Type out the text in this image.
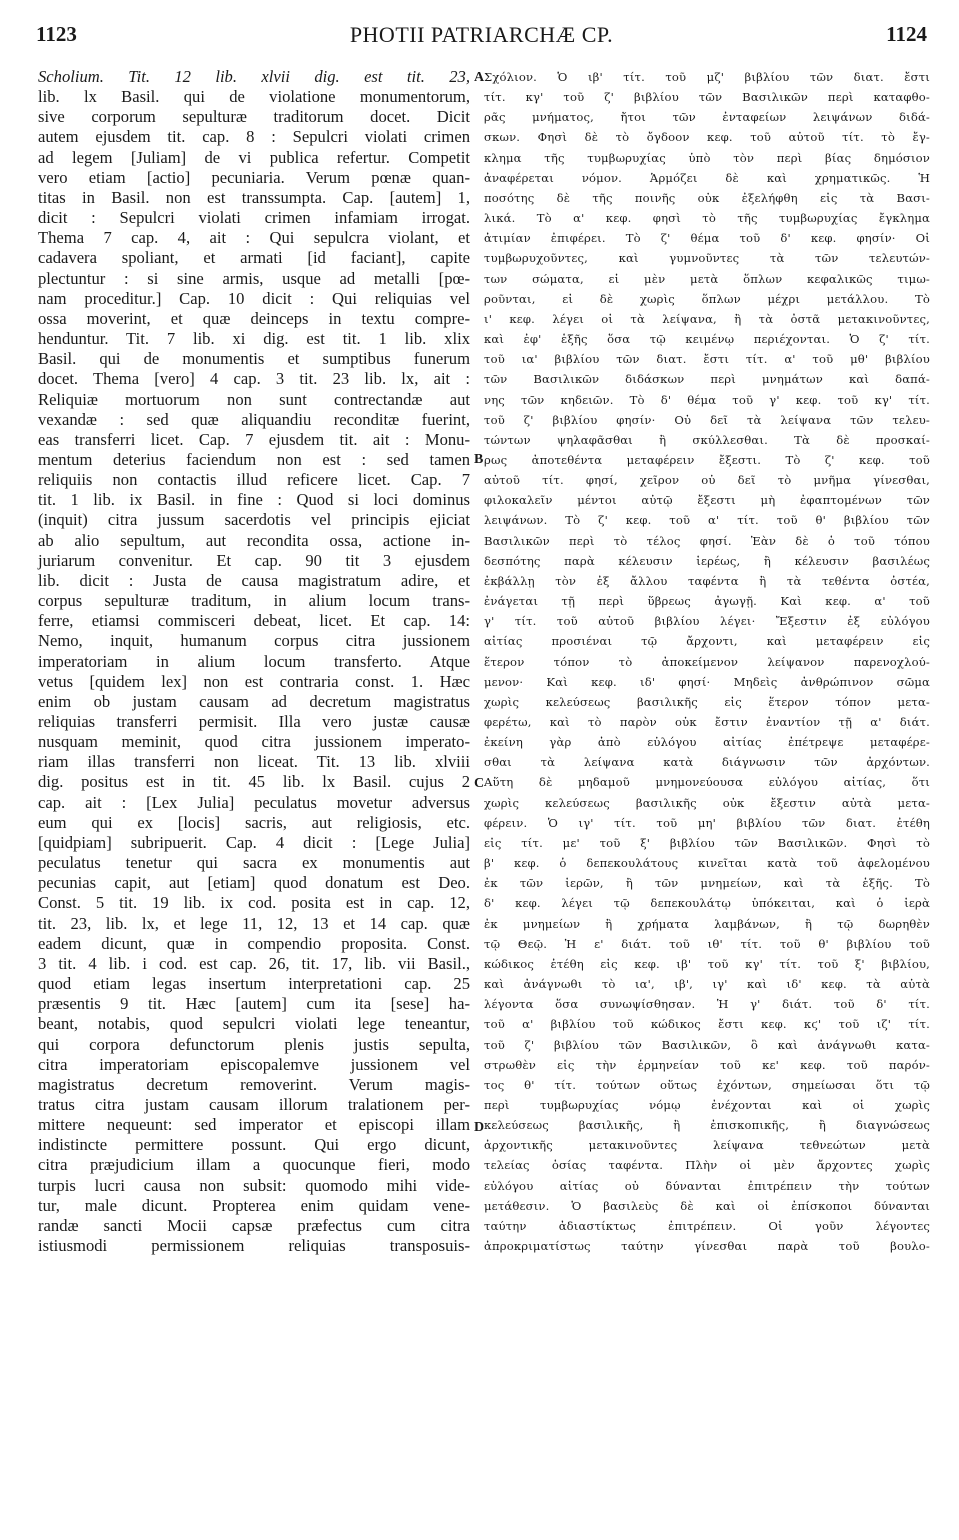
1123	PHOTII PATRIARCHÆ CP.	1124
Scholium. Tit. 12 lib. xlvii dig. est tit. 23,
lib. lx Basil. qui de violatione monumentorum,
sive corporum sepulturæ traditorum docet. Dicit
autem ejusdem tit. cap. 8 : Sepulcri violati crimen
ad legem [Juliam] de vi publica refertur. Competit
vero etiam [actio] pecuniaria. Verum pœnæ quan-
titas in Basil. non est transsumpta. Cap. [autem] 1,
dicit : Sepulcri violati crimen infamiam irrogat.
Thema 7 cap. 4, ait : Qui sepulcra violant, et
cadavera spoliant, et armati [id faciant], capite
plectuntur : si sine armis, usque ad metalli [pœ-
nam proceditur.] Cap. 10 dicit : Qui reliquias vel
ossa moverint, et quæ deinceps in textu compre-
henduntur. Tit. 7 lib. xi dig. est tit. 1 lib. xlix
Basil. qui de monumentis et sumptibus funerum
docet. Thema [vero] 4 cap. 3 tit. 23 lib. lx, ait :
Reliquiæ mortuorum non sunt contrectandæ aut
vexandæ : sed quæ aliquandiu reconditæ fuerint,
eas transferri licet. Cap. 7 ejusdem tit. ait : Monu-
mentum deterius faciendum non est : sed tamen
reliquiis non contactis illud reficere licet. Cap. 7
tit. 1 lib. ix Basil. in fine : Quod si loci dominus
(inquit) citra jussum sacerdotis vel principis ejiciat
ab alio sepultum, aut recondita ossa, actione in-
juriarum convenitur. Et cap. 90 tit 3 ejusdem
lib. dicit : Justa de causa magistratum adire, et
corpus sepulturæ traditum, in alium locum trans-
ferre, etiamsi commisceri debeat, licet. Et cap. 14:
Nemo, inquit, humanum corpus citra jussionem
imperatoriam in alium locum transferto. Atque
vetus [quidem lex] non est contraria const. 1. Hæc
enim ob justam causam ad decretum magistratus
reliquias transferri permisit. Illa vero justæ causæ
nusquam meminit, quod citra jussionem imperato-
riam illas transferri non liceat. Tit. 13 lib. xlviii
dig. positus est in tit. 45 lib. lx Basil. cujus 2
cap. ait : [Lex Julia] peculatus movetur adversus
eum qui ex [locis] sacris, aut religiosis, etc.
[quidpiam] subripuerit. Cap. 4 dicit : [Lege Julia]
peculatus tenetur qui sacra ex monumentis aut
pecunias capit, aut [etiam] quod donatum est Deo.
Const. 5 tit. 19 lib. ix cod. posita est in cap. 12,
tit. 23, lib. lx, et lege 11, 12, 13 et 14 cap. quæ
eadem dicunt, quæ in compendio proposita. Const.
3 tit. 4 lib. i cod. est cap. 26, tit. 17, lib. vii Basil.,
quod etiam legas insertum interpretationi cap. 25
præsentis 9 tit. Hæc [autem] cum ita [sese] ha-
beant, notabis, quod sepulcri violati lege teneantur,
qui corpora defunctorum plenis justis sepulta,
citra imperatoriam episcopalemve jussionem vel
magistratus decretum removerint. Verum magis-
tratus citra justam causam illorum tralationem per-
mittere nequeunt: sed imperator et episcopi illam
indistincte permittere possunt. Qui ergo dicunt,
citra præjudicium illam a quocunque fieri, modo
turpis lucri causa non subsit: quomodo mihi vide-
tur, male dicunt. Propterea enim quidam vene-
randæ sancti Mocii capsæ præfectus cum citra
istiusmodi permissionem reliquias transposuis-
Σχόλιον. Ὁ ιβ' τίτ. τοῦ μζ' βιβλίου τῶν διατ. ἔστι
τίτ. κγ' τοῦ ζ' βιβλίου τῶν Βασιλικῶν περὶ καταφθο-
ρᾶς μνήματος, ἤτοι τῶν ἐνταφείων λειψάνων διδά-
σκων. Φησὶ δὲ τὸ ὄγδοον κεφ. τοῦ αὐτοῦ τίτ. τὸ ἔγ-
κλημα τῆς τυμβωρυχίας ὑπὸ τὸν περὶ βίας δημόσιον
ἀναφέρεται νόμον. Ἁρμόζει δὲ καὶ χρηματικῶς. Ἡ
ποσότης δὲ τῆς ποινῆς οὐκ ἐξελήφθη εἰς τὰ Βασι-
λικά. Τὸ α' κεφ. φησὶ τὸ τῆς τυμβωρυχίας ἔγκλημα
ἀτιμίαν ἐπιφέρει. Τὸ ζ' θέμα τοῦ δ' κεφ. φησίν· Οἱ
τυμβωρυχοῦντες, καὶ γυμνοῦντες τὰ τῶν τελευτών-
των σώματα, εἰ μὲν μετὰ ὅπλων κεφαλικῶς τιμω-
ροῦνται, εἰ δὲ χωρὶς ὅπλων μέχρι μετάλλου. Τὸ
ι' κεφ. λέγει οἱ τὰ λείψανα, ἢ τὰ ὀστᾶ μετακινοῦντες,
καὶ ἐφ' ἑξῆς ὅσα τῷ κειμένῳ περιέχονται. Ὁ ζ' τίτ.
τοῦ ια' βιβλίου τῶν διατ. ἔστι τίτ. α' τοῦ μθ' βιβλίου
τῶν Βασιλικῶν διδάσκων περὶ μνημάτων καὶ δαπά-
νης τῶν κηδειῶν. Τὸ δ' θέμα τοῦ γ' κεφ. τοῦ κγ' τίτ.
τοῦ ζ' βιβλίου φησίν· Οὐ δεῖ τὰ λείψανα τῶν τελευ-
τώντων ψηλαφᾶσθαι ἢ σκύλλεσθαι. Τὰ δὲ προσκαί-
ρως ἀποτεθέντα μεταφέρειν ἔξεστι. Τὸ ζ' κεφ. τοῦ
αὐτοῦ τίτ. φησί, χεῖρον οὐ δεῖ τὸ μνῆμα γίνεσθαι,
φιλοκαλεῖν μέντοι αὐτῷ ἔξεστι μὴ ἐφαπτομένων τῶν
λειψάνων. Τὸ ζ' κεφ. τοῦ α' τίτ. τοῦ θ' βιβλίου τῶν
Βασιλικῶν περὶ τὸ τέλος φησί. Ἐὰν δὲ ὁ τοῦ τόπου
δεσπότης παρὰ κέλευσιν ἱερέως, ἢ κέλευσιν βασιλέως
ἐκβάλλῃ τὸν ἐξ ἄλλου ταφέντα ἢ τὰ τεθέντα ὀστέα,
ἐνάγεται τῇ περὶ ὕβρεως ἀγωγῇ. Καὶ κεφ. α' τοῦ
γ' τίτ. τοῦ αὐτοῦ βιβλίου λέγει· Ἔξεστιν ἐξ εὐλόγου
αἰτίας προσιέναι τῷ ἄρχοντι, καὶ μεταφέρειν εἰς
ἕτερον τόπον τὸ ἀποκείμενον λείψανον παρενοχλού-
μενον· Καὶ κεφ. ιδ' φησί· Μηδεὶς ἀνθρώπινον σῶμα
χωρὶς κελεύσεως βασιλικῆς εἰς ἕτερον τόπον μετα-
φερέτω, καὶ τὸ παρὸν οὐκ ἔστιν ἐναντίον τῇ α' διάτ.
ἐκείνη γὰρ ἀπὸ εὐλόγου αἰτίας ἐπέτρεψε μεταφέρε-
σθαι τὰ λείψανα κατὰ διάγνωσιν τῶν ἀρχόντων.
Αὕτη δὲ μηδαμοῦ μνημονεύουσα εὐλόγου αἰτίας, ὅτι
χωρὶς κελεύσεως βασιλικῆς οὐκ ἔξεστιν αὐτὰ μετα-
φέρειν. Ὁ ιγ' τίτ. τοῦ μη' βιβλίου τῶν διατ. ἐτέθη
εἰς τίτ. με' τοῦ ξ' βιβλίου τῶν Βασιλικῶν. Φησὶ τὸ
β' κεφ. ὁ δεπεκουλάτους κινεῖται κατὰ τοῦ ἀφελομένου
ἐκ τῶν ἱερῶν, ἢ τῶν μνημείων, καὶ τὰ ἑξῆς. Τὸ
δ' κεφ. λέγει τῷ δεπεκουλάτῳ ὑπόκειται, καὶ ὁ ἱερὰ
ἐκ μνημείων ἢ χρήματα λαμβάνων, ἢ τῷ δωρηθὲν
τῷ Θεῷ. Ἡ ε' διάτ. τοῦ ιθ' τίτ. τοῦ θ' βιβλίου τοῦ
κώδικος ἐτέθη εἰς κεφ. ιβ' τοῦ κγ' τίτ. τοῦ ξ' βιβλίου,
καὶ ἀνάγνωθι τὸ ια', ιβ', ιγ' καὶ ιδ' κεφ. τὰ αὐτὰ
λέγοντα ὅσα συνωψίσθησαν. Ἡ γ' διάτ. τοῦ δ' τίτ.
τοῦ α' βιβλίου τοῦ κώδικος ἔστι κεφ. κϛ' τοῦ ιζ' τίτ.
τοῦ ζ' βιβλίου τῶν Βασιλικῶν, ὃ καὶ ἀνάγνωθι κατα-
στρωθὲν εἰς τὴν ἑρμηνείαν τοῦ κε' κεφ. τοῦ παρόν-
τος θ' τίτ. τούτων οὕτως ἐχόντων, σημείωσαι ὅτι τῷ
περὶ τυμβωρυχίας νόμῳ ἐνέχονται καὶ οἱ χωρὶς
κελεύσεως βασιλικῆς, ἢ ἐπισκοπικῆς, ἢ διαγνώσεως
ἀρχοντικῆς μετακινοῦντες λείψανα τεθνεώτων μετὰ
τελείας ὁσίας ταφέντα. Πλὴν οἱ μὲν ἄρχοντες χωρὶς
εὐλόγου αἰτίας οὐ δύνανται ἐπιτρέπειν τὴν τούτων
μετάθεσιν. Ὁ βασιλεὺς δὲ καὶ οἱ ἐπίσκοποι δύνανται
ταύτην ἀδιαστίκτως ἐπιτρέπειν. Οἱ γοῦν λέγοντες
ἀπροκριματίστως ταύτην γίνεσθαι παρὰ τοῦ βουλο-
A
B
C
D
